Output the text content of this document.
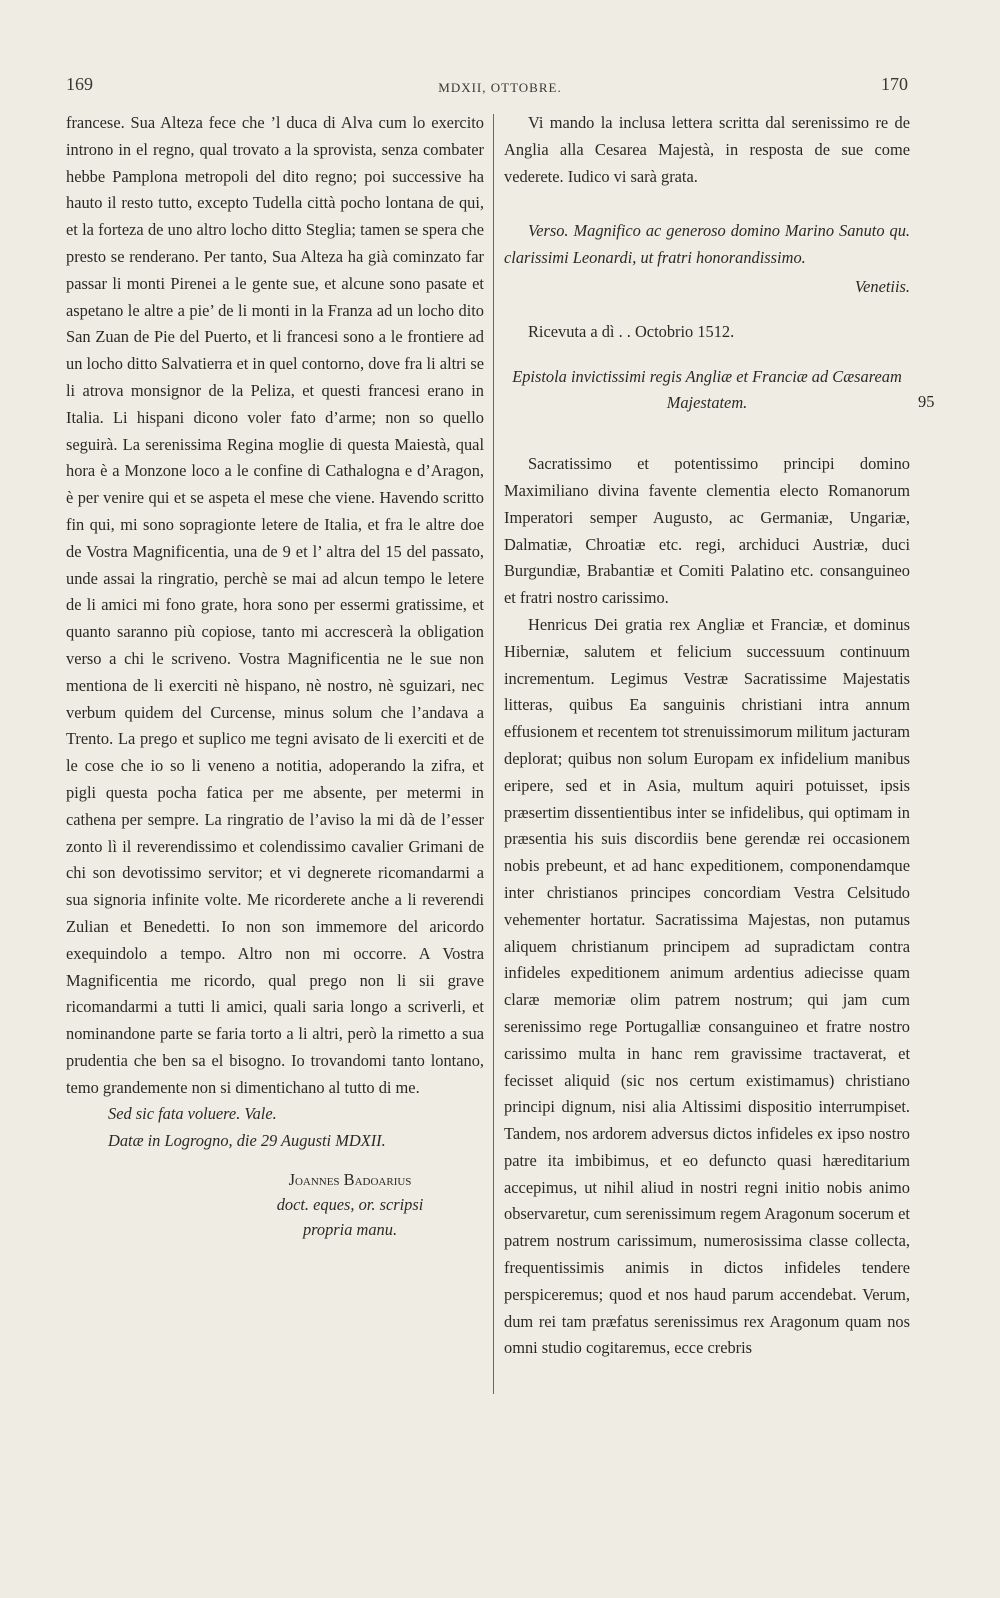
169	MDXII, OTTOBRE.	170

francese. Sua Alteza fece che ’l duca di Alva cum lo exercito introno in el regno, qual trovato a la sprovista, senza combater hebbe Pamplona metropoli del dito regno; poi successive ha hauto il resto tutto, excepto Tudella città pocho lontana de qui, et la forteza de uno altro locho ditto Steglia; tamen se spera che presto se renderano. Per tanto, Sua Alteza ha già cominzato far passar li monti Pirenei a le gente sue, et alcune sono pasate et aspetano le altre a pie’ de li monti in la Franza ad un locho dito San Zuan de Pie del Puerto, et li francesi sono a le frontiere ad un locho ditto Salvatierra et in quel contorno, dove fra li altri se li atrova monsignor de la Peliza, et questi francesi erano in Italia. Li hispani dicono voler fato d’arme; non so quello seguirà. La serenissima Regina moglie di questa Maiestà, qual hora è a Monzone loco a le confine di Cathalogna e d’Aragon, è per venire qui et se aspeta el mese che viene. Havendo scritto fin qui, mi sono sopragionte letere de Italia, et fra le altre doe de Vostra Magnificentia, una de 9 et l’ altra del 15 del passato, unde assai la ringratio, perchè se mai ad alcun tempo le letere de li amici mi fono grate, hora sono per essermi gratissime, et quanto saranno più copiose, tanto mi accrescerà la obligation verso a chi le scriveno. Vostra Magnificentia ne le sue non mentiona de li exerciti nè hispano, nè nostro, nè sguizari, nec verbum quidem del Curcense, minus solum che l’andava a Trento. La prego et suplico me tegni avisato de li exerciti et de le cose che io so li veneno a notitia, adoperando la zifra, et pigli questa pocha fatica per me absente, per metermi in cathena per sempre. La ringratio de l’aviso la mi dà de l’esser zonto lì il reverendissimo et colendissimo cavalier Grimani de chi son devotissimo servitor; et vi degnerete ricomandarmi a sua signoria infinite volte. Me ricorderete anche a li reverendi Zulian et Benedetti. Io non son immemore del aricordo exequindolo a tempo. Altro non mi occorre. A Vostra Magnificentia me ricordo, qual prego non li sii grave ricomandarmi a tutti li amici, quali saria longo a scriverli, et nominandone parte se faria torto a li altri, però la rimetto a sua prudentia che ben sa el bisogno. Io trovandomi tanto lontano, temo grandemente non si dimentichano al tutto di me.

Sed sic fata voluere. Vale.

Datæ in Logrogno, die 29 Augusti MDXII.

Joannes Badoarius
doct. eques, or. scripsi
propria manu.

Vi mando la inclusa lettera scritta dal serenissimo re de Anglia alla Cesarea Majestà, in resposta de sue come vederete. Iudico vi sarà grata.

Verso. Magnifico ac generoso domino Marino Sanuto qu. clarissimi Leonardi, ut fratri honorandissimo.

Venetiis.

Ricevuta a dì . . Octobrio 1512.

Epistola invictissimi regis Angliæ et Franciæ ad Cæsaream Majestatem.

Sacratissimo et potentissimo principi domino Maximiliano divina favente clementia electo Romanorum Imperatori semper Augusto, ac Germaniæ, Ungariæ, Dalmatiæ, Chroatiæ etc. regi, archiduci Austriæ, duci Burgundiæ, Brabantiæ et Comiti Palatino etc. consanguineo et fratri nostro carissimo.

Henricus Dei gratia rex Angliæ et Franciæ, et dominus Hiberniæ, salutem et felicium successuum continuum incrementum. Legimus Vestræ Sacratissime Majestatis litteras, quibus Ea sanguinis christiani intra annum effusionem et recentem tot strenuissimorum militum jacturam deplorat; quibus non solum Europam ex infidelium manibus eripere, sed et in Asia, multum aquiri potuisset, ipsis præsertim dissentientibus inter se infidelibus, qui optimam in præsentia his suis discordiis bene gerendæ rei occasionem nobis prebeunt, et ad hanc expeditionem, componendamque inter christianos principes concordiam Vestra Celsitudo vehementer hortatur. Sacratissima Majestas, non putamus aliquem christianum principem ad supradictam contra infideles expeditionem animum ardentius adiecisse quam claræ memoriæ olim patrem nostrum; qui jam cum serenissimo rege Portugalliæ consanguineo et fratre nostro carissimo multa in hanc rem gravissime tractaverat, et fecisset aliquid (sic nos certum existimamus) christiano principi dignum, nisi alia Altissimi dispositio interrumpiset. Tandem, nos ardorem adversus dictos infideles ex ipso nostro patre ita imbibimus, et eo defuncto quasi hæreditarium accepimus, ut nihil aliud in nostri regni initio nobis animo observaretur, cum serenissimum regem Aragonum socerum et patrem nostrum carissimum, numerosissima classe collecta, frequentissimis animis in dictos infideles tendere perspiceremus; quod et nos haud parum accendebat. Verum, dum rei tam præfatus serenissimus rex Aragonum quam nos omni studio cogitaremus, ecce crebris

95
